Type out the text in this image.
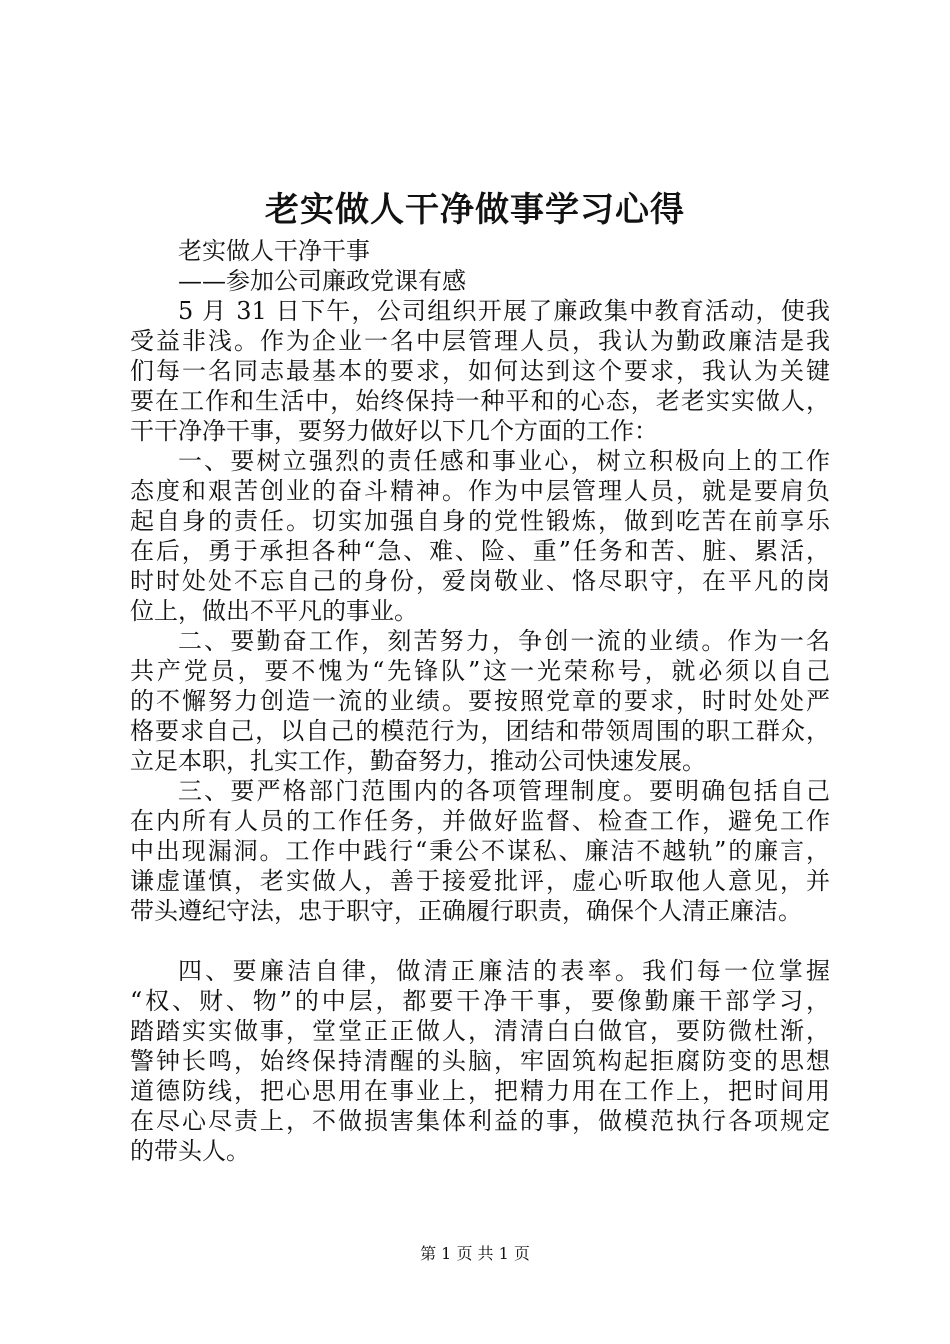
老实做人干净做事学习心得
老实做人干净干事
——参加公司廉政党课有感
5 月 31 日下午，公司组织开展了廉政集中教育活动，使我
受益非浅。作为企业一名中层管理人员，我认为勤政廉洁是我
们每一名同志最基本的要求，如何达到这个要求，我认为关键
要在工作和生活中，始终保持一种平和的心态，老老实实做人，
干干净净干事，要努力做好以下几个方面的工作：
一、要树立强烈的责任感和事业心，树立积极向上的工作
态度和艰苦创业的奋斗精神。作为中层管理人员，就是要肩负
起自身的责任。切实加强自身的党性锻炼，做到吃苦在前享乐
在后，勇于承担各种“急、难、险、重”任务和苦、脏、累活，
时时处处不忘自己的身份，爱岗敬业、恪尽职守，在平凡的岗
位上，做出不平凡的事业。
二、要勤奋工作，刻苦努力，争创一流的业绩。作为一名
共产党员，要不愧为“先锋队”这一光荣称号，就必须以自己
的不懈努力创造一流的业绩。要按照党章的要求，时时处处严
格要求自己，以自己的模范行为，团结和带领周围的职工群众，
立足本职，扎实工作，勤奋努力，推动公司快速发展。
三、要严格部门范围内的各项管理制度。要明确包括自己
在内所有人员的工作任务，并做好监督、检查工作，避免工作
中出现漏洞。工作中践行“秉公不谋私、廉洁不越轨”的廉言，
谦虚谨慎，老实做人，善于接爱批评，虚心听取他人意见，并
带头遵纪守法，忠于职守，正确履行职责，确保个人清正廉洁。
四、要廉洁自律，做清正廉洁的表率。我们每一位掌握
“权、财、物”的中层，都要干净干事，要像勤廉干部学习，
踏踏实实做事，堂堂正正做人，清清白白做官，要防微杜渐，
警钟长鸣，始终保持清醒的头脑，牢固筑构起拒腐防变的思想
道德防线，把心思用在事业上，把精力用在工作上，把时间用
在尽心尽责上，不做损害集体利益的事，做模范执行各项规定
的带头人。
第 1 页 共 1 页
